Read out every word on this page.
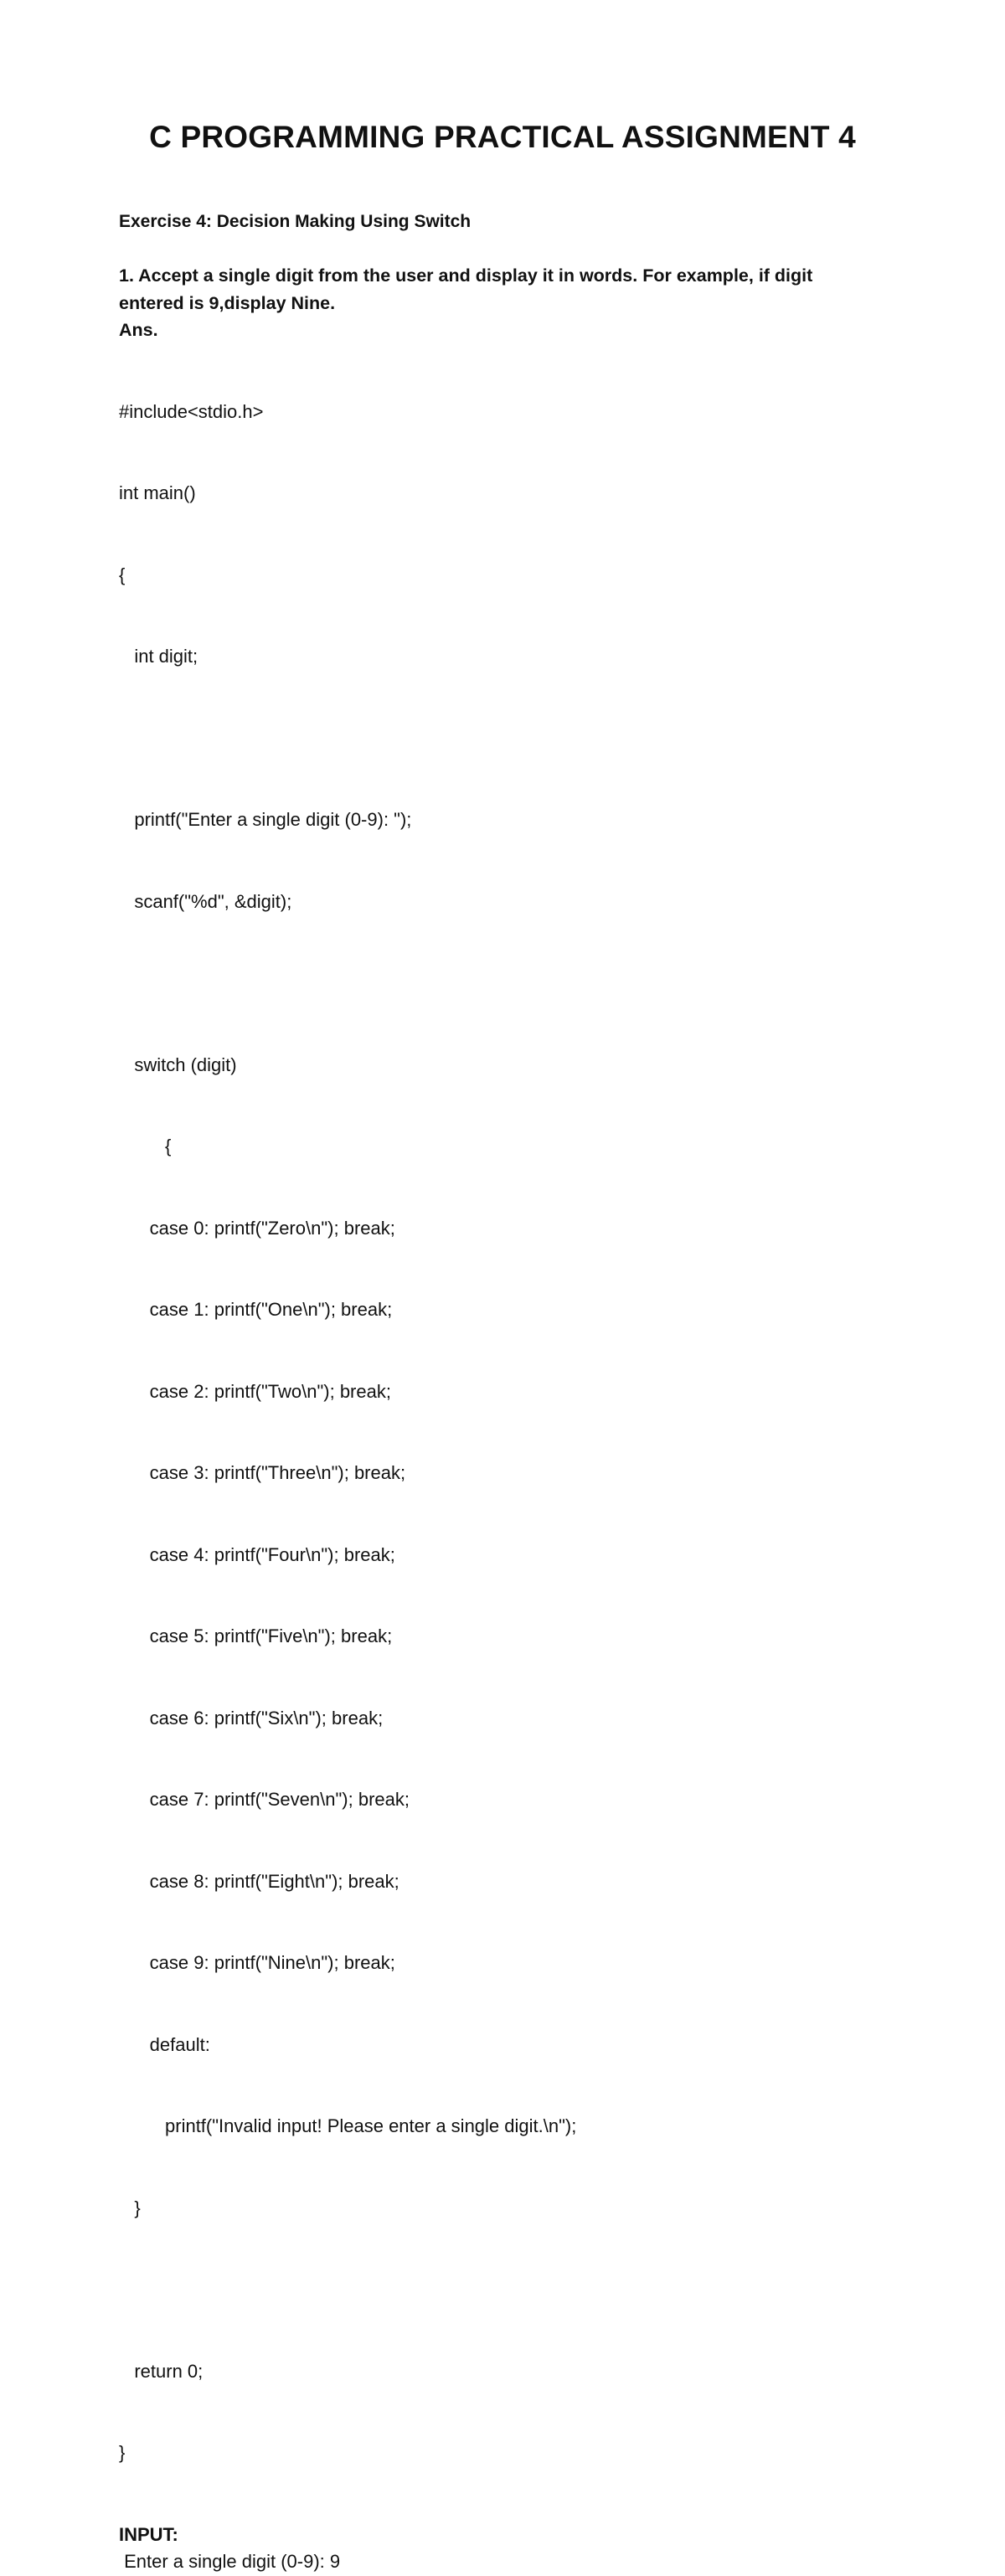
C PROGRAMMING PRACTICAL ASSIGNMENT 4
Exercise 4: Decision Making Using Switch
1. Accept a single digit from the user and display it in words. For example, if digit
entered is 9,display Nine.
Ans.

#include<stdio.h>

int main()

{

int digit;

printf("Enter a single digit (0-9): ");

scanf("%d", &digit);

switch (digit)

{

case 0: printf("Zero\n"); break;

case 1: printf("One\n"); break;

case 2: printf("Two\n"); break;

case 3: printf("Three\n"); break;

case 4: printf("Four\n"); break;

case 5: printf("Five\n"); break;

case 6: printf("Six\n"); break;

case 7: printf("Seven\n"); break;

case 8: printf("Eight\n"); break;

case 9: printf("Nine\n"); break;

default:

printf("Invalid input! Please enter a single digit.\n");

}

return 0;

}

INPUT:
Enter a single digit (0-9): 9
